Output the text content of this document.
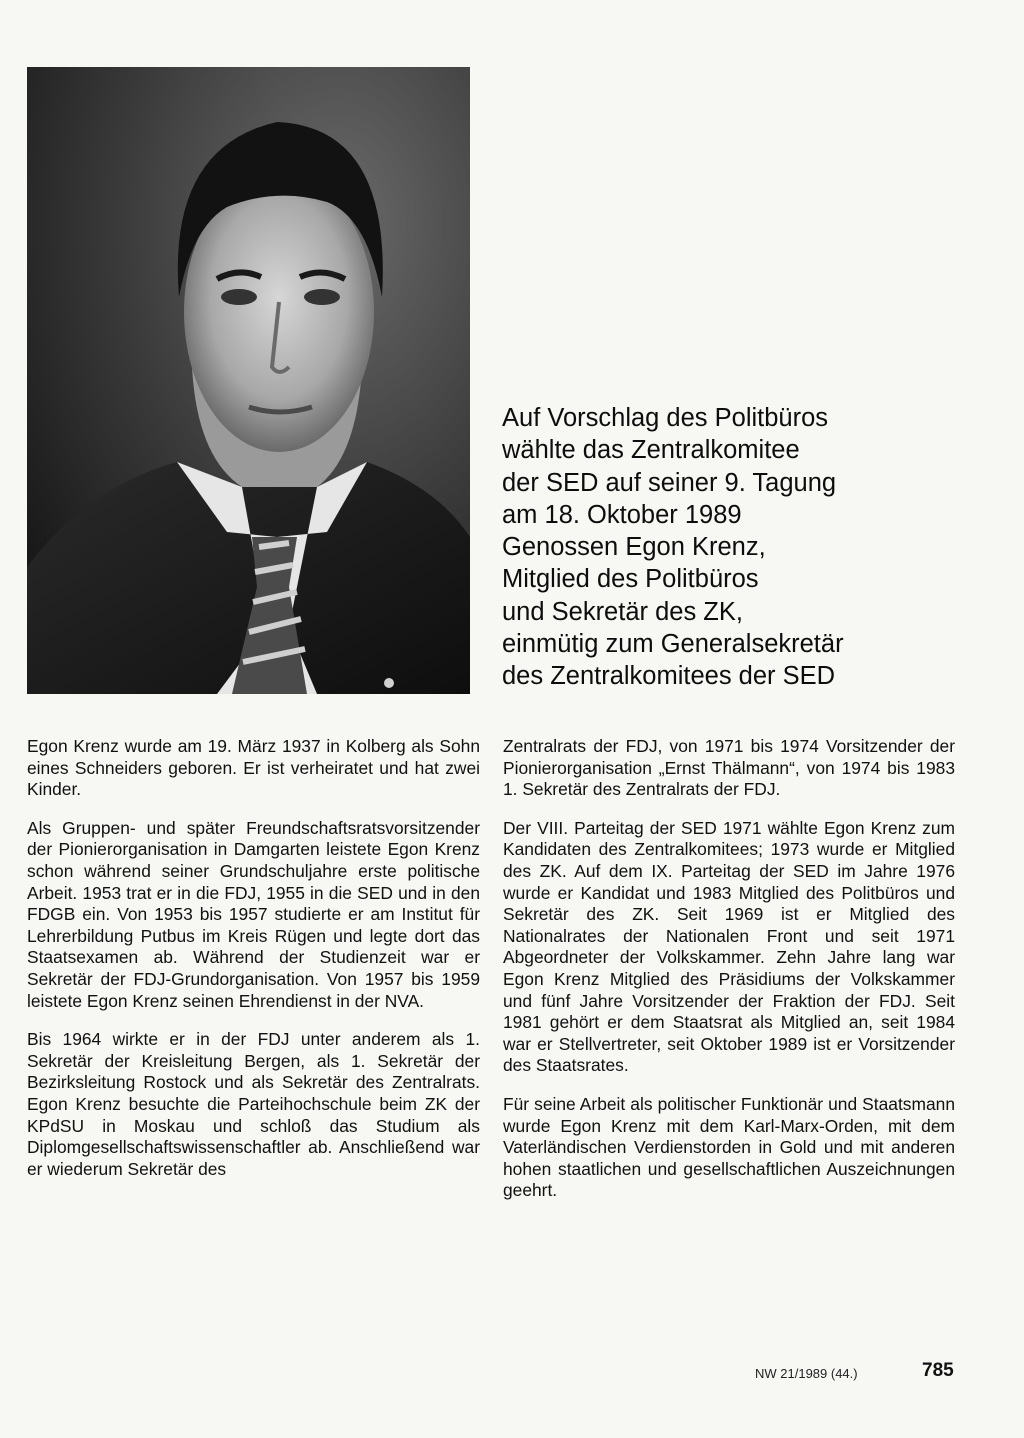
Auf Vorschlag des Politbüros
wählte das Zentralkomitee
der SED auf seiner 9. Tagung
am 18. Oktober 1989
Genossen Egon Krenz,
Mitglied des Politbüros
und Sekretär des ZK,
einmütig zum Generalsekretär
des Zentralkomitees der SED

Egon Krenz wurde am 19. März 1937 in Kolberg als Sohn eines Schneiders geboren. Er ist verheiratet und hat zwei Kinder.

Als Gruppen- und später Freundschaftsratsvorsitzender der Pionierorganisation in Damgarten leistete Egon Krenz schon während seiner Grundschuljahre erste politische Arbeit. 1953 trat er in die FDJ, 1955 in die SED und in den FDGB ein. Von 1953 bis 1957 studierte er am Institut für Lehrerbildung Putbus im Kreis Rügen und legte dort das Staatsexamen ab. Während der Studienzeit war er Sekretär der FDJ-Grundorganisation. Von 1957 bis 1959 leistete Egon Krenz seinen Ehrendienst in der NVA.

Bis 1964 wirkte er in der FDJ unter anderem als 1. Sekretär der Kreisleitung Bergen, als 1. Sekretär der Bezirksleitung Rostock und als Sekretär des Zentralrats. Egon Krenz besuchte die Parteihochschule beim ZK der KPdSU in Moskau und schloß das Studium als Diplomgesellschaftswissenschaftler ab. Anschließend war er wiederum Sekretär des

Zentralrats der FDJ, von 1971 bis 1974 Vorsitzender der Pionierorganisation „Ernst Thälmann“, von 1974 bis 1983 1. Sekretär des Zentralrats der FDJ.

Der VIII. Parteitag der SED 1971 wählte Egon Krenz zum Kandidaten des Zentralkomitees; 1973 wurde er Mitglied des ZK. Auf dem IX. Parteitag der SED im Jahre 1976 wurde er Kandidat und 1983 Mitglied des Politbüros und Sekretär des ZK. Seit 1969 ist er Mitglied des Nationalrates der Nationalen Front und seit 1971 Abgeordneter der Volkskammer. Zehn Jahre lang war Egon Krenz Mitglied des Präsidiums der Volkskammer und fünf Jahre Vorsitzender der Fraktion der FDJ. Seit 1981 gehört er dem Staatsrat als Mitglied an, seit 1984 war er Stellvertreter, seit Oktober 1989 ist er Vorsitzender des Staatsrates.

Für seine Arbeit als politischer Funktionär und Staatsmann wurde Egon Krenz mit dem Karl-Marx-Orden, mit dem Vaterländischen Verdienstorden in Gold und mit anderen hohen staatlichen und gesellschaftlichen Auszeichnungen geehrt.

NW 21/1989 (44.)	785
